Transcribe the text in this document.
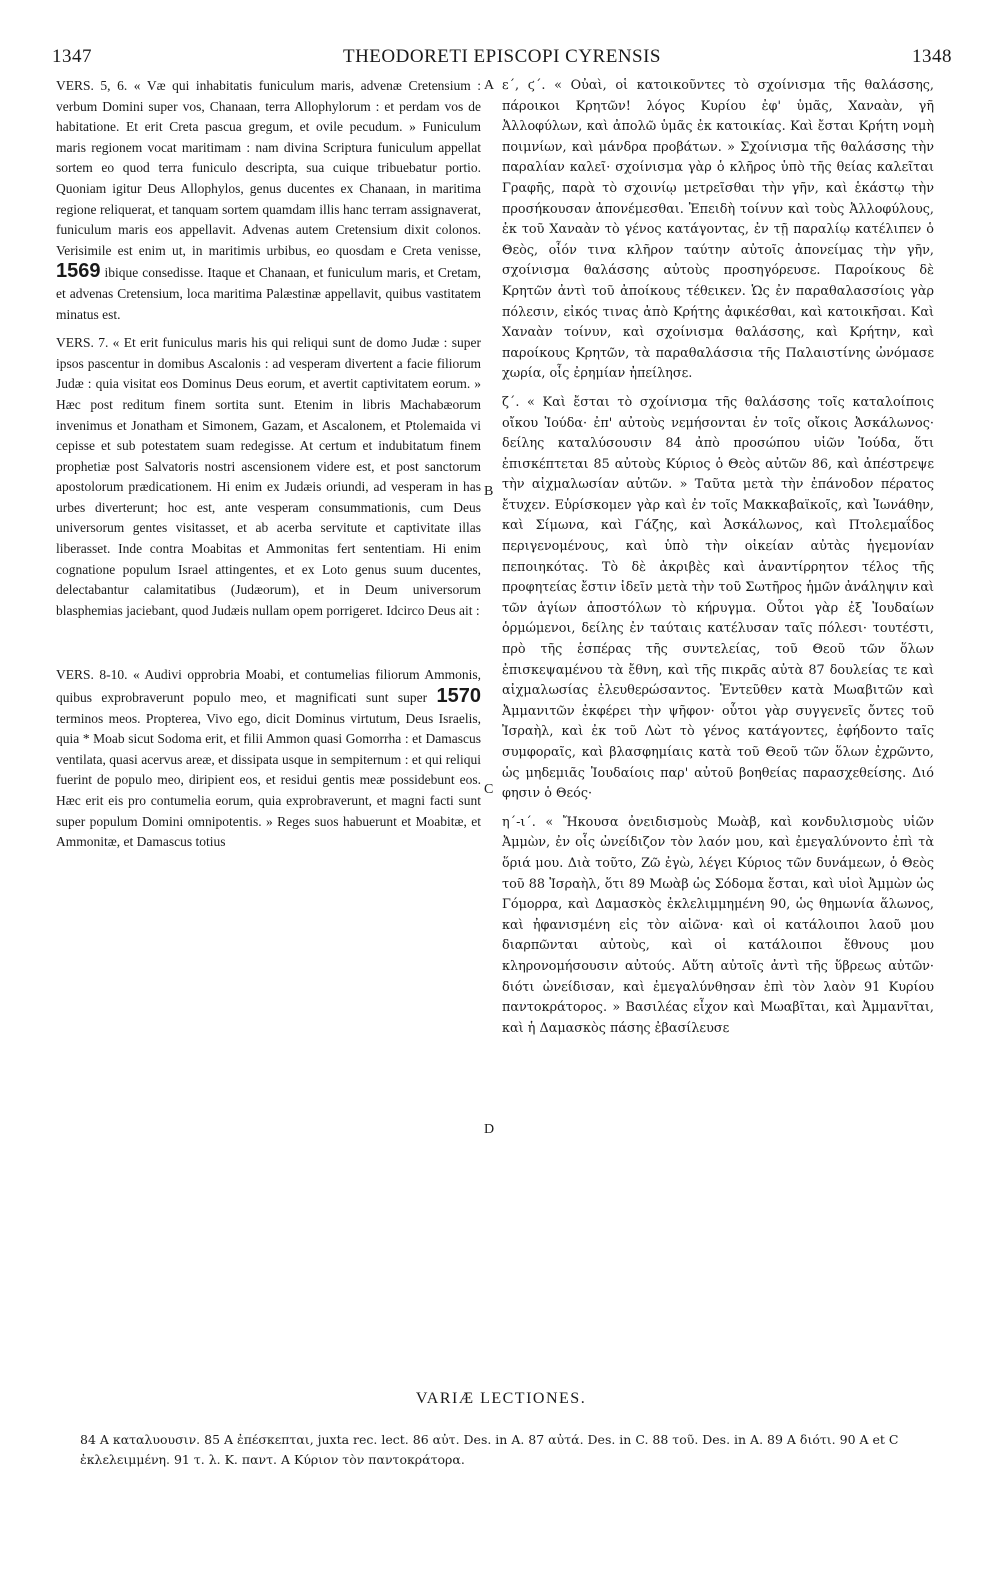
1347	THEODORETI EPISCOPI CYRENSIS	1348
VERS. 5, 6. « Væ qui inhabitatis funiculum maris, advenæ Cretensium : verbum Domini super vos, Chanaan, terra Allophylorum : et perdam vos de habitatione. Et erit Creta pascua gregum, et ovile pecudum. » Funiculum maris regionem vocat maritimam : nam divina Scriptura funiculum appellat sortem eo quod terra funiculo descripta, sua cuique tribuebatur portio. Quoniam igitur Deus Allophylos, genus ducentes ex Chanaan, in maritima regione reliquerat, et tanquam sortem quamdam illis hanc terram assignaverat, funiculum maris eos appellavit. Advenas autem Cretensium dixit colonos. Verisimile est enim ut, in maritimis urbibus, eo quosdam e Creta venisse, 1569 ibique consedisse. Itaque et Chanaan, et funiculum maris, et Cretam, et advenas Cretensium, loca maritima Palæstinæ appellavit, quibus vastitatem minatus est.
VERS. 7. « Et erit funiculus maris his qui reliqui sunt de domo Judæ : super ipsos pascentur in domibus Ascalonis : ad vesperam divertent a facie filiorum Judæ : quia visitat eos Dominus Deus eorum, et avertit captivitatem eorum. » Hæc post reditum finem sortita sunt. Etenim in libris Machabæorum invenimus et Jonatham et Simonem, Gazam, et Ascalonem, et Ptolemaida vi cepisse et sub potestatem suam redegisse. At certum et indubitatum finem prophetiæ post Salvatoris nostri ascensionem videre est, et post sanctorum apostolorum prædicationem. Hi enim ex Judæis oriundi, ad vesperam in has urbes diverterunt; hoc est, ante vesperam consummationis, cum Deus universorum gentes visitasset, et ab acerba servitute et captivitate illas liberasset. Inde contra Moabitas et Ammonitas fert sententiam. Hi enim cognatione populum Israel attingentes, et ex Loto genus suum ducentes, delectabantur calamitatibus (Judæorum), et in Deum universorum blasphemias jaciebant, quod Judæis nullam opem porrigeret. Idcirco Deus ait :
VERS. 8-10. « Audivi opprobria Moabi, et contumelias filiorum Ammonis, quibus exprobraverunt populo meo, et magnificati sunt super 1570 terminos meos. Propterea, Vivo ego, dicit Dominus virtutum, Deus Israelis, quia * Moab sicut Sodoma erit, et filii Ammon quasi Gomorrha : et Damascus ventilata, quasi acervus areæ, et dissipata usque in sempiternum : et qui reliqui fuerint de populo meo, diripient eos, et residui gentis meæ possidebunt eos. Hæc erit eis pro contumelia eorum, quia exprobraverunt, et magni facti sunt super populum Domini omnipotentis. » Reges suos habuerunt et Moabitæ, et Ammonitæ, et Damascus totius
ε΄, ϛ΄. « Οὐαὶ, οἱ κατοικοῦντες τὸ σχοίνισμα τῆς θαλάσσης, πάροικοι Κρητῶν! λόγος Κυρίου ἐφ' ὑμᾶς, Χαναὰν, γῆ Ἀλλοφύλων, καὶ ἀπολῶ ὑμᾶς ἐκ κατοικίας. Καὶ ἔσται Κρήτη νομὴ ποιμνίων, καὶ μάνδρα προβάτων. » Σχοίνισμα τῆς θαλάσσης τὴν παραλίαν καλεῖ· σχοίνισμα γὰρ ὁ κλῆρος ὑπὸ τῆς θείας καλεῖται Γραφῆς, παρὰ τὸ σχοινίῳ μετρεῖσθαι τὴν γῆν, καὶ ἑκάστῳ τὴν προσήκουσαν ἀπονέμεσθαι. Ἐπειδὴ τοίνυν καὶ τοὺς Ἀλλοφύλους, ἐκ τοῦ Χαναὰν τὸ γένος κατάγοντας, ἐν τῇ παραλίῳ κατέλιπεν ὁ Θεὸς, οἷόν τινα κλῆρον ταύτην αὐτοῖς ἀπονείμας τὴν γῆν, σχοίνισμα θαλάσσης αὐτοὺς προσηγόρευσε. Παροίκους δὲ Κρητῶν ἀντὶ τοῦ ἀποίκους τέθεικεν. Ὡς ἐν παραθαλασσίοις γὰρ πόλεσιν, εἰκός τινας ἀπὸ Κρήτης ἀφικέσθαι, καὶ κατοικῆσαι. Καὶ Χαναὰν τοίνυν, καὶ σχοίνισμα θαλάσσης, καὶ Κρήτην, καὶ παροίκους Κρητῶν, τὰ παραθαλάσσια τῆς Παλαιστίνης ὠνόμασε χωρία, οἷς ἐρημίαν ἠπείλησε.
ζ΄. « Καὶ ἔσται τὸ σχοίνισμα τῆς θαλάσσης τοῖς καταλοίποις οἴκου Ἰούδα· ἐπ' αὐτοὺς νεμήσονται ἐν τοῖς οἴκοις Ἀσκάλωνος· δείλης καταλύσουσιν 84 ἀπὸ προσώπου υἱῶν Ἰούδα, ὅτι ἐπισκέπτεται 85 αὐτοὺς Κύριος ὁ Θεὸς αὐτῶν 86, καὶ ἀπέστρεψε τὴν αἰχμαλωσίαν αὐτῶν. » Ταῦτα μετὰ τὴν ἐπάνοδον πέρατος ἔτυχεν. Εὑρίσκομεν γὰρ καὶ ἐν τοῖς Μακκαβαϊκοῖς, καὶ Ἰωνάθην, καὶ Σίμωνα, καὶ Γάζης, καὶ Ἀσκάλωνος, καὶ Πτολεμαΐδος περιγενομένους, καὶ ὑπὸ τὴν οἰκείαν αὐτὰς ἡγεμονίαν πεποιηκότας. Τὸ δὲ ἀκριβὲς καὶ ἀναντίρρητον τέλος τῆς προφητείας ἔστιν ἰδεῖν μετὰ τὴν τοῦ Σωτῆρος ἡμῶν ἀνάληψιν καὶ τῶν ἁγίων ἀποστόλων τὸ κήρυγμα. Οὗτοι γὰρ ἐξ Ἰουδαίων ὁρμώμενοι, δείλης ἐν ταύταις κατέλυσαν ταῖς πόλεσι· τουτέστι, πρὸ τῆς ἑσπέρας τῆς συντελείας, τοῦ Θεοῦ τῶν ὅλων ἐπισκεψαμένου τὰ ἔθνη, καὶ τῆς πικρᾶς αὐτὰ 87 δουλείας τε καὶ αἰχμαλωσίας ἐλευθερώσαντος. Ἐντεῦθεν κατὰ Μωαβιτῶν καὶ Ἀμμανιτῶν ἐκφέρει τὴν ψῆφον· οὗτοι γὰρ συγγενεῖς ὄντες τοῦ Ἰσραὴλ, καὶ ἐκ τοῦ Λὼτ τὸ γένος κατάγοντες, ἐφήδοντο ταῖς συμφοραῖς, καὶ βλασφημίαις κατὰ τοῦ Θεοῦ τῶν ὅλων ἐχρῶντο, ὡς μηδεμιᾶς Ἰουδαίοις παρ' αὐτοῦ βοηθείας παρασχεθείσης. Διό φησιν ὁ Θεός·
η΄-ι΄. « Ἤκουσα ὀνειδισμοὺς Μωὰβ, καὶ κονδυλισμοὺς υἱῶν Ἀμμὼν, ἐν οἷς ὠνείδιζον τὸν λαόν μου, καὶ ἐμεγαλύνοντο ἐπὶ τὰ ὅριά μου. Διὰ τοῦτο, Ζῶ ἐγὼ, λέγει Κύριος τῶν δυνάμεων, ὁ Θεὸς τοῦ 88 Ἰσραὴλ, ὅτι 89 Μωὰβ ὡς Σόδομα ἔσται, καὶ υἱοὶ Ἀμμὼν ὡς Γόμορρα, καὶ Δαμασκὸς ἐκλελιμμημένη 90, ὡς θημωνία ἅλωνος, καὶ ἠφανισμένη εἰς τὸν αἰῶνα· καὶ οἱ κατάλοιποι λαοῦ μου διαρπῶνται αὐτοὺς, καὶ οἱ κατάλοιποι ἔθνους μου κληρονομήσουσιν αὐτούς. Αὕτη αὐτοῖς ἀντὶ τῆς ὕβρεως αὐτῶν· διότι ὠνείδισαν, καὶ ἐμεγαλύνθησαν ἐπὶ τὸν λαὸν 91 Κυρίου παντοκράτορος. » Βασιλέας εἶχον καὶ Μωαβῖται, καὶ Ἀμμανῖται, καὶ ἡ Δαμασκὸς πάσης ἐβασίλευσε
A
B
C
D
VARIÆ LECTIONES.
84 Α καταλυουσιν. 85 Α ἐπέσκεπται, juxta rec. lect. 86 αὐτ. Des. in A. 87 αὐτά. Des. in C. 88 τοῦ. Des. in A. 89 Α διότι. 90 Α et C ἐκλελειμμένη. 91 τ. λ. Κ. παντ. Α Κύριον τὸν παντοκράτορα.
